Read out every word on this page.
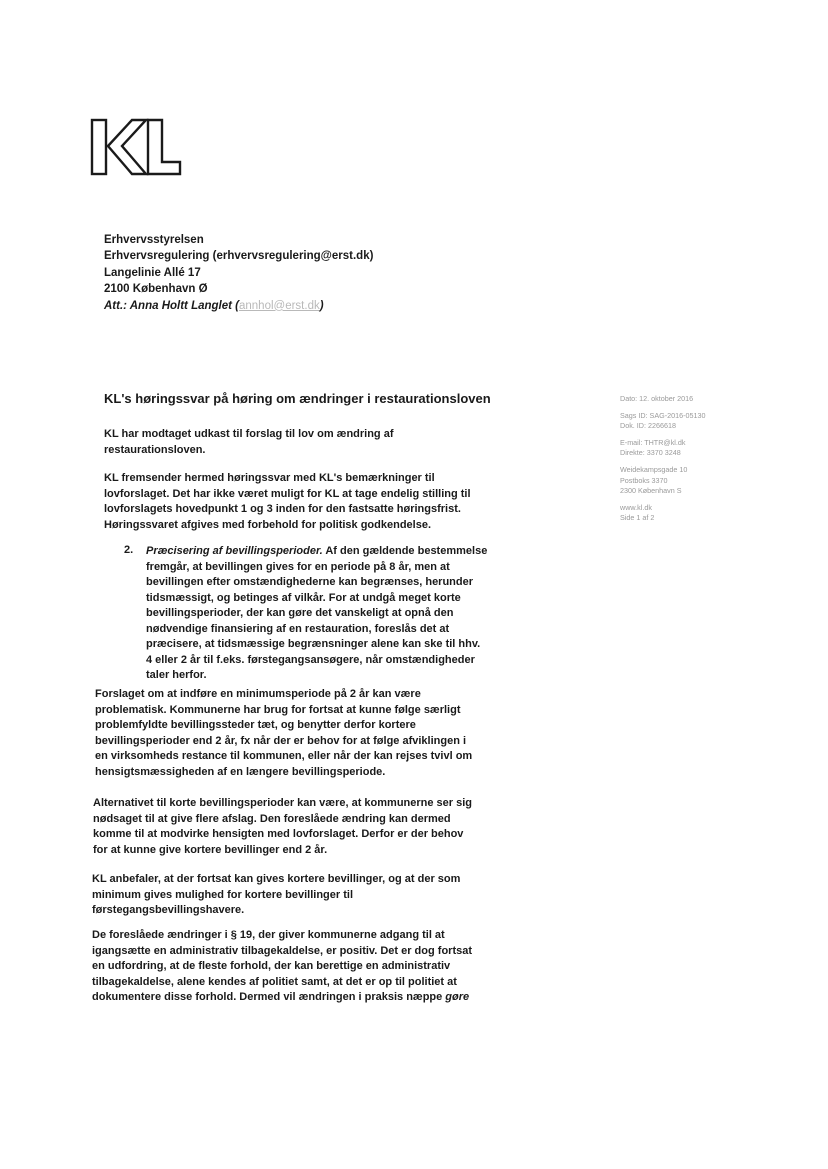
Erhvervsstyrelsen
Erhvervsregulering (erhvervsregulering@erst.dk)
Langelinie Allé 17
2100 København Ø
Att.: Anna Holtt Langlet (annhol@erst.dk)
KL's høringssvar på høring om ændringer i restaurationsloven	Dato: 12. oktober 2016
Sags ID: SAG-2016-05130
Dok. ID: 2266618
E-mail: THTR@kl.dk
Direkte: 3370 3248
Weidekampsgade 10
Postboks 3370
2300 København S
www.kl.dk
Side 1 af 2
KL har modtaget udkast til forslag til lov om ændring af
restaurationsloven.
KL fremsender hermed høringssvar med KL's bemærkninger til
lovforslaget. Det har ikke været muligt for KL at tage endelig stilling til
lovforslagets hovedpunkt 1 og 3 inden for den fastsatte høringsfrist.
Høringssvaret afgives med forbehold for politisk godkendelse.
2. Præcisering af bevillingsperioder. Af den gældende bestemmelse
fremgår, at bevillingen gives for en periode på 8 år, men at
bevillingen efter omstændighederne kan begrænses, herunder
tidsmæssigt, og betinges af vilkår. For at undgå meget korte
bevillingsperioder, der kan gøre det vanskeligt at opnå den
nødvendige finansiering af en restauration, foreslås det at
præcisere, at tidsmæssige begrænsninger alene kan ske til hhv.
4 eller 2 år til f.eks. førstegangsansøgere, når omstændigheder
taler herfor.
Forslaget om at indføre en minimumsperiode på 2 år kan være
problematisk. Kommunerne har brug for fortsat at kunne følge særligt
problemfyldte bevillingssteder tæt, og benytter derfor kortere
bevillingsperioder end 2 år, fx når der er behov for at følge afviklingen i
en virksomheds restance til kommunen, eller når der kan rejses tvivl om
hensigtsmæssigheden af en længere bevillingsperiode.
Alternativet til korte bevillingsperioder kan være, at kommunerne ser sig
nødsaget til at give flere afslag. Den foreslåede ændring kan dermed
komme til at modvirke hensigten med lovforslaget. Derfor er der behov
for at kunne give kortere bevillinger end 2 år.
KL anbefaler, at der fortsat kan gives kortere bevillinger, og at der som
minimum gives mulighed for kortere bevillinger til
førstegangsbevillingshavere.
De foreslåede ændringer i § 19, der giver kommunerne adgang til at
igangsætte en administrativ tilbagekaldelse, er positiv. Det er dog fortsat
en udfordring, at de fleste forhold, der kan berettige en administrativ
tilbagekaldelse, alene kendes af politiet samt, at det er op til politiet at
dokumentere disse forhold. Dermed vil ændringen i praksis næppe gøre
